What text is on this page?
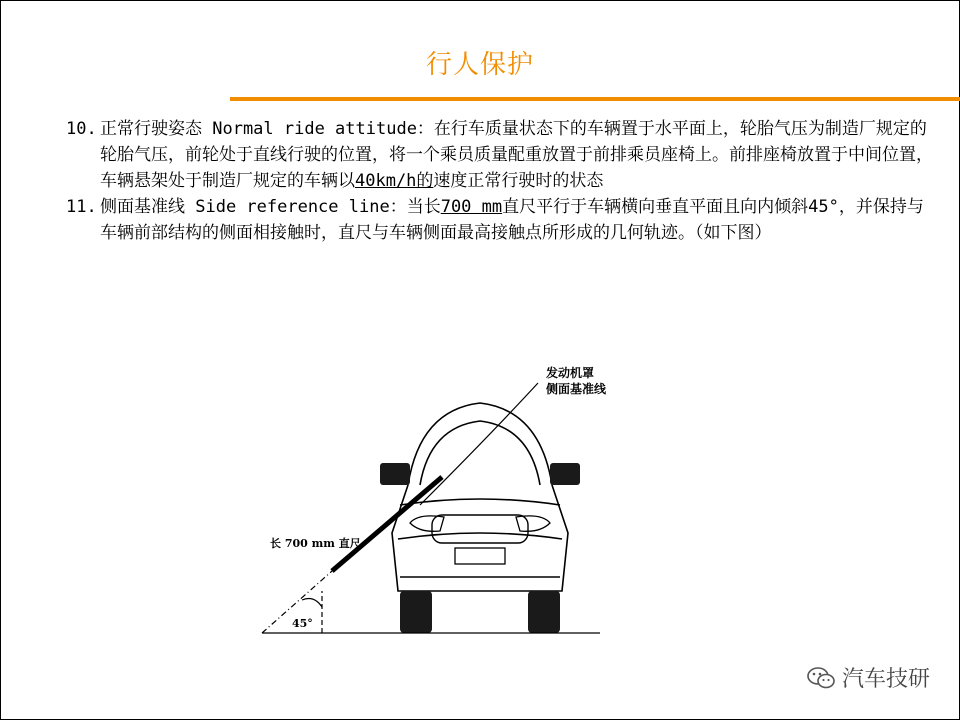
行人保护
10. 正常行驶姿态 Normal ride attitude：在行车质量状态下的车辆置于水平面上，轮胎气压为制造厂规定的轮胎气压，前轮处于直线行驶的位置，将一个乘员质量配重放置于前排乘员座椅上。前排座椅放置于中间位置，车辆悬架处于制造厂规定的车辆以40km/h的速度正常行驶时的状态
11. 侧面基准线 Side reference line：当长700 mm直尺平行于车辆横向垂直平面且向内倾斜45°，并保持与车辆前部结构的侧面相接触时，直尺与车辆侧面最高接触点所形成的几何轨迹。（如下图）
发动机罩
侧面基准线
长 700 mm 直尺
45°
汽车技研
